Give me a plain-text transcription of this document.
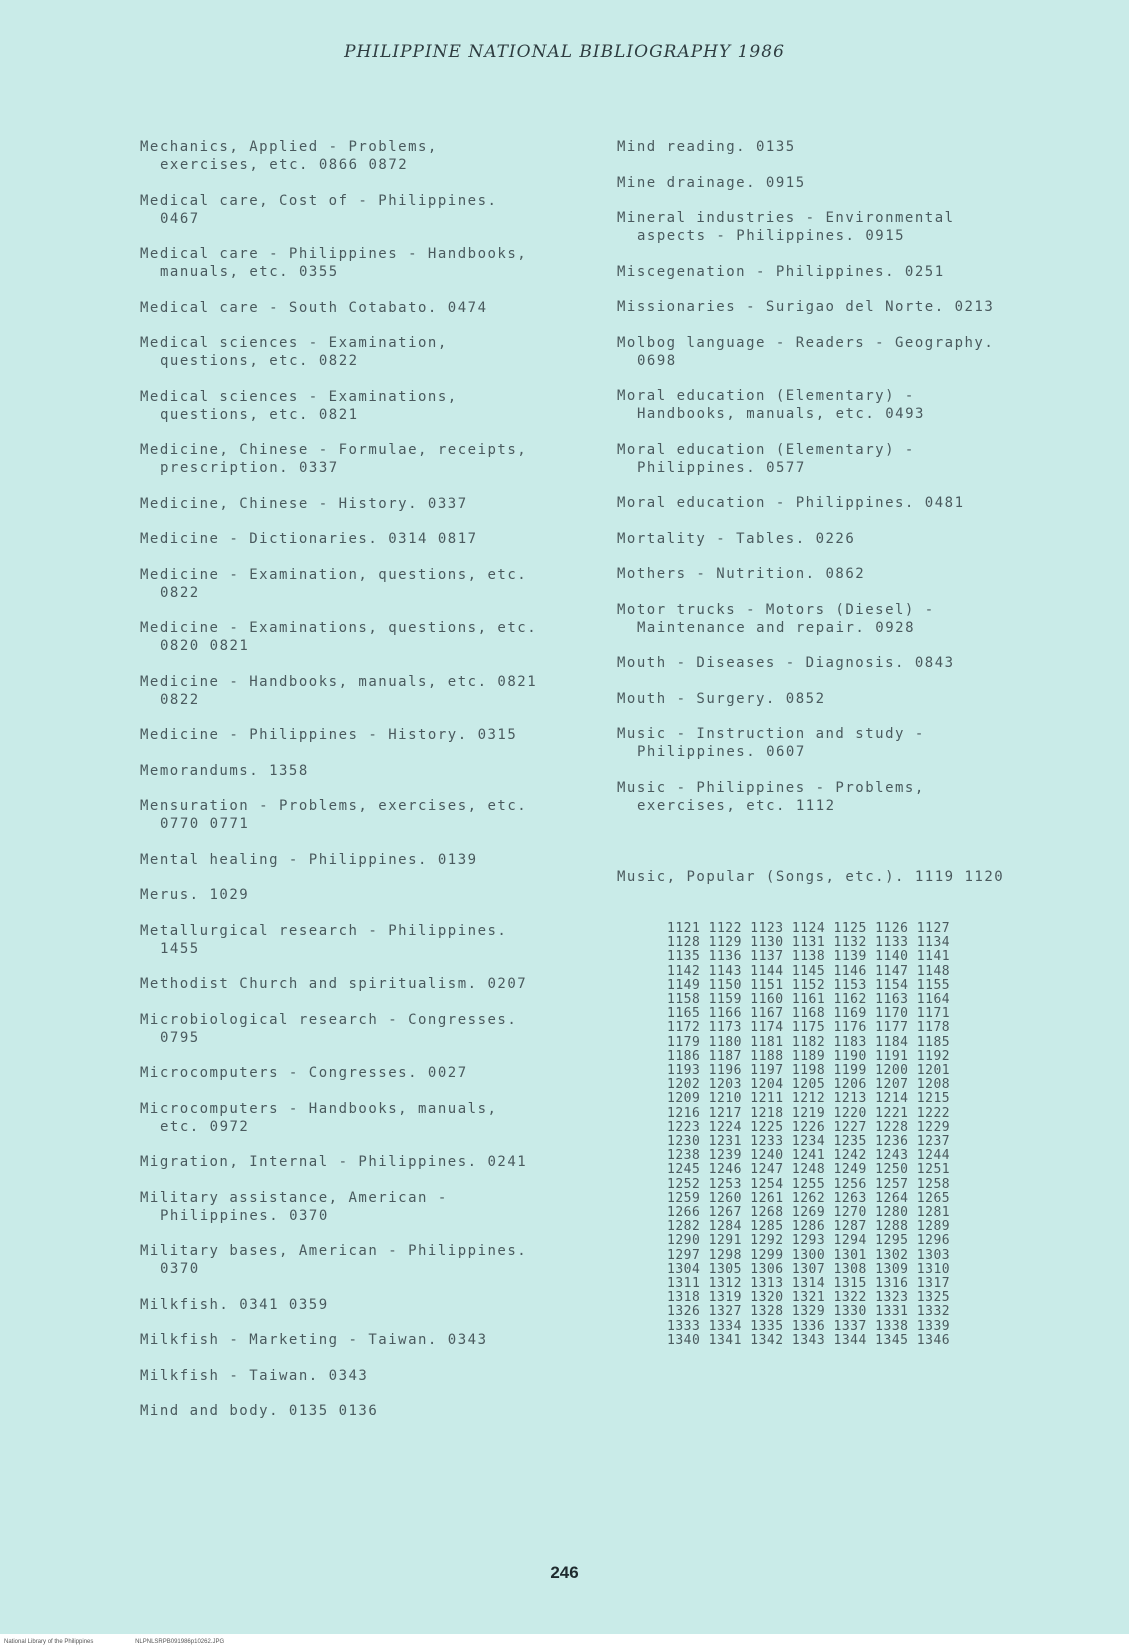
PHILIPPINE NATIONAL BIBLIOGRAPHY 1986
Mechanics, Applied - Problems,
exercises, etc. 0866 0872
Medical care, Cost of - Philippines.
0467
Medical care - Philippines - Handbooks,
manuals, etc. 0355
Medical care - South Cotabato. 0474
Medical sciences - Examination,
questions, etc. 0822
Medical sciences - Examinations,
questions, etc. 0821
Medicine, Chinese - Formulae, receipts,
prescription. 0337
Medicine, Chinese - History. 0337
Medicine - Dictionaries. 0314 0817
Medicine - Examination, questions, etc.
0822
Medicine - Examinations, questions, etc.
0820 0821
Medicine - Handbooks, manuals, etc. 0821
0822
Medicine - Philippines - History. 0315
Memorandums. 1358
Mensuration - Problems, exercises, etc.
0770 0771
Mental healing - Philippines. 0139
Merus. 1029
Metallurgical research - Philippines.
1455
Methodist Church and spiritualism. 0207
Microbiological research - Congresses.
0795
Microcomputers - Congresses. 0027
Microcomputers - Handbooks, manuals,
etc. 0972
Migration, Internal - Philippines. 0241
Military assistance, American -
Philippines. 0370
Military bases, American - Philippines.
0370
Milkfish. 0341 0359
Milkfish - Marketing - Taiwan. 0343
Milkfish - Taiwan. 0343
Mind and body. 0135 0136
Mind reading. 0135
Mine drainage. 0915
Mineral industries - Environmental
aspects - Philippines. 0915
Miscegenation - Philippines. 0251
Missionaries - Surigao del Norte. 0213
Molbog language - Readers - Geography.
0698
Moral education (Elementary) -
Handbooks, manuals, etc. 0493
Moral education (Elementary) -
Philippines. 0577
Moral education - Philippines. 0481
Mortality - Tables. 0226
Mothers - Nutrition. 0862
Motor trucks - Motors (Diesel) -
Maintenance and repair. 0928
Mouth - Diseases - Diagnosis. 0843
Mouth - Surgery. 0852
Music - Instruction and study -
Philippines. 0607
Music - Philippines - Problems,
exercises, etc. 1112

Music, Popular (Songs, etc.). 1119 1120

1121 1122 1123 1124 1125 1126 1127
1128 1129 1130 1131 1132 1133 1134
1135 1136 1137 1138 1139 1140 1141
1142 1143 1144 1145 1146 1147 1148
1149 1150 1151 1152 1153 1154 1155
1158 1159 1160 1161 1162 1163 1164
1165 1166 1167 1168 1169 1170 1171
1172 1173 1174 1175 1176 1177 1178
1179 1180 1181 1182 1183 1184 1185
1186 1187 1188 1189 1190 1191 1192
1193 1196 1197 1198 1199 1200 1201
1202 1203 1204 1205 1206 1207 1208
1209 1210 1211 1212 1213 1214 1215
1216 1217 1218 1219 1220 1221 1222
1223 1224 1225 1226 1227 1228 1229
1230 1231 1233 1234 1235 1236 1237
1238 1239 1240 1241 1242 1243 1244
1245 1246 1247 1248 1249 1250 1251
1252 1253 1254 1255 1256 1257 1258
1259 1260 1261 1262 1263 1264 1265
1266 1267 1268 1269 1270 1280 1281
1282 1284 1285 1286 1287 1288 1289
1290 1291 1292 1293 1294 1295 1296
1297 1298 1299 1300 1301 1302 1303
1304 1305 1306 1307 1308 1309 1310
1311 1312 1313 1314 1315 1316 1317
1318 1319 1320 1321 1322 1323 1325
1326 1327 1328 1329 1330 1331 1332
1333 1334 1335 1336 1337 1338 1339
1340 1341 1342 1343 1344 1345 1346

246
National Library of the Philippines	NLPNLSRPB091986p10262.JPG
